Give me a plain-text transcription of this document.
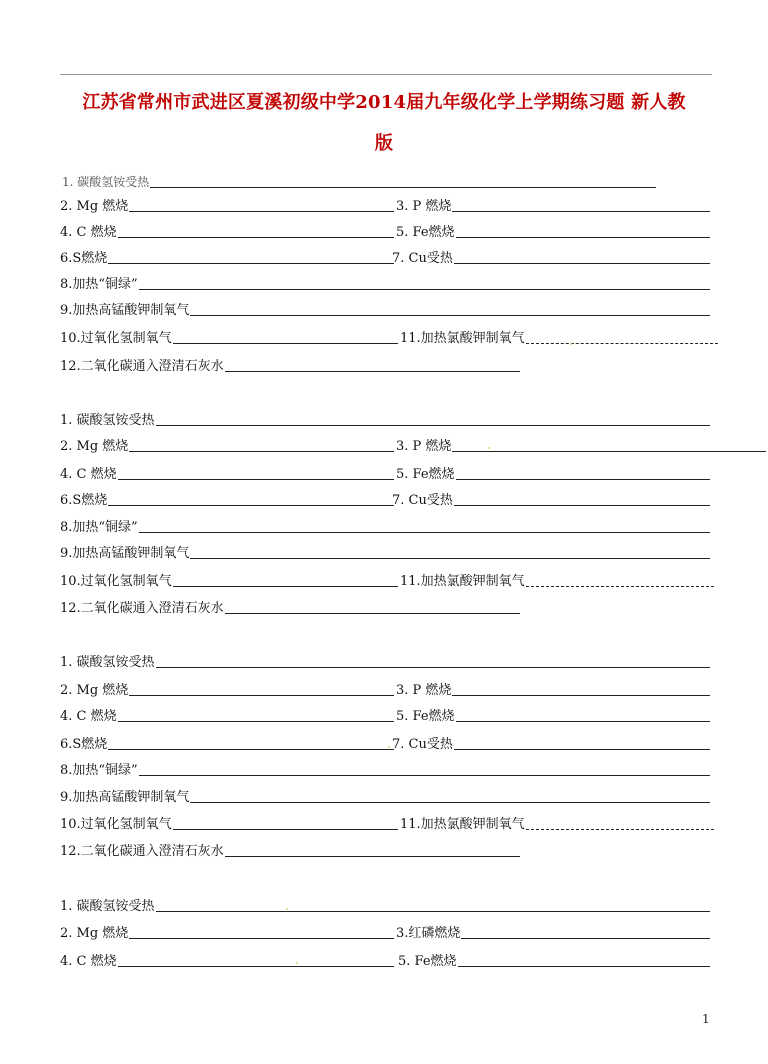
江苏省常州市武进区夏溪初级中学2014届九年级化学上学期练习题 新人教
版
1. 碳酸氢铵受热
2. Mg 燃烧	3. P 燃烧
4. C 燃烧	5. Fe燃烧
6.S燃烧	7. Cu受热
8.加热“铜绿”
9.加热高锰酸钾制氧气
10.过氧化氢制氧气	11.加热氯酸钾制氧气
12.二氧化碳通入澄清石灰水
1. 碳酸氢铵受热
2. Mg 燃烧	3. P 燃烧
4. C 燃烧	5. Fe燃烧
6.S燃烧	7. Cu受热
8.加热“铜绿”
9.加热高锰酸钾制氧气
10.过氧化氢制氧气	11.加热氯酸钾制氧气
12.二氧化碳通入澄清石灰水
1. 碳酸氢铵受热
2. Mg 燃烧	3. P 燃烧
4. C 燃烧	5. Fe燃烧
6.S燃烧	7. Cu受热
8.加热“铜绿”
9.加热高锰酸钾制氧气
10.过氧化氢制氧气	11.加热氯酸钾制氧气
12.二氧化碳通入澄清石灰水
1. 碳酸氢铵受热
2. Mg 燃烧	3.红磷燃烧
4. C 燃烧	5. Fe燃烧
1
